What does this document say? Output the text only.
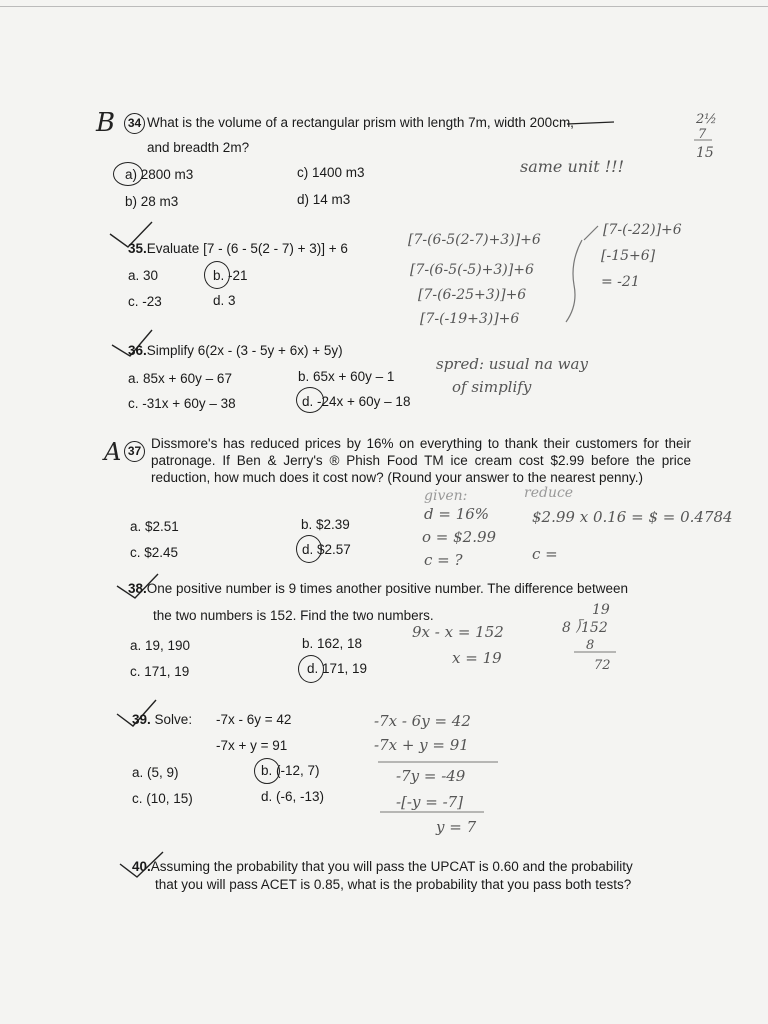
B	34 What is the volume of a rectangular prism with length 7m, width 200cm,
and breadth 2m?
a) 2800 m3	c) 1400 m3
b) 28 m3	d) 14 m3
same unit !!!
2½
7
15
35.Evaluate [7 - (6 - 5(2 - 7) + 3)] + 6
a. 30	b. -21
c. -23	d. 3
[7-(6-5(2-7)+3)]+6
[7-(6-5(-5)+3)]+6
[7-(6-25+3)]+6
[7-(-19+3)]+6
[7-(-22)]+6
[-15+6]
= -21
36.Simplify 6(2x - (3 - 5y + 6x) + 5y)
a. 85x + 60y – 67	b. 65x + 60y – 1
c. -31x + 60y – 38	d. -24x + 60y – 18
spred: usual na way
of simplify
A 37 Dissmore's has reduced prices by 16% on everything to thank their customers for their patronage. If Ben & Jerry's ® Phish Food TM ice cream cost $2.99 before the price reduction, how much does it cost now? (Round your answer to the nearest penny.)
a. $2.51	b. $2.39
c. $2.45	d. $2.57
given:
d = 16%
o = $2.99
c = ?
reduce
$2.99 x 0.16 = $ = 0.4784
c =
38.One positive number is 9 times another positive number. The difference between
the two numbers is 152. Find the two numbers.
a. 19, 190	b. 162, 18
c. 171, 19	d. 171, 19
9x - x = 152
x = 19
19
8 ⟌152
8
72
39. Solve: -7x - 6y = 42
-7x + y = 91
a. (5, 9)	b. (-12, 7)
c. (10, 15)	d. (-6, -13)
-7x - 6y = 42
-7x + y = 91
-7y = -49
-[-y = -7]
y = 7
40.Assuming the probability that you will pass the UPCAT is 0.60 and the probability
that you will pass ACET is 0.85, what is the probability that you pass both tests?
